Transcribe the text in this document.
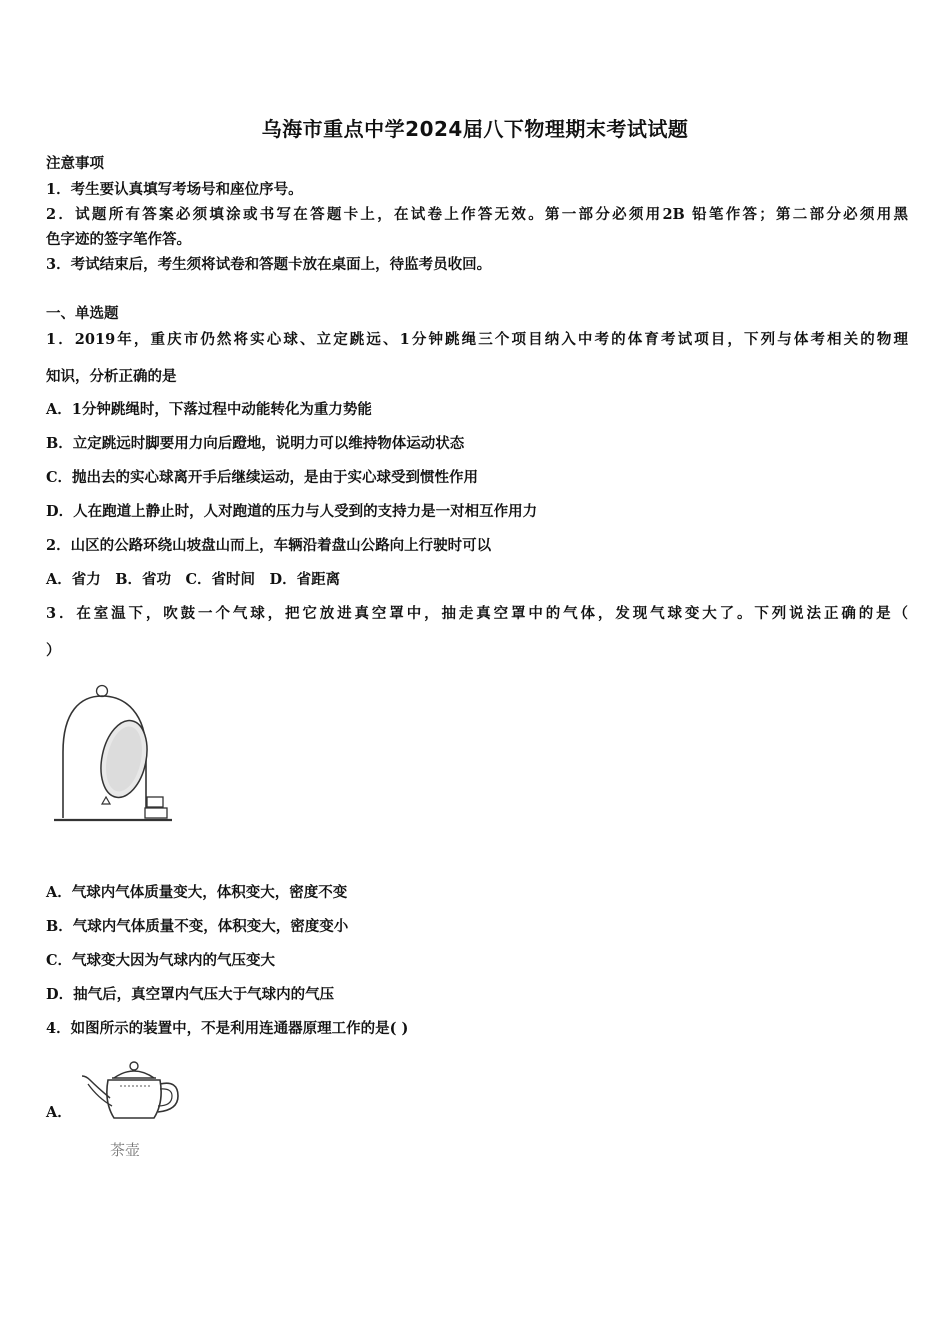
乌海市重点中学2024届八下物理期末考试试题
注意事项
1．考生要认真填写考场号和座位序号。
2．试题所有答案必须填涂或书写在答题卡上，在试卷上作答无效。第一部分必须用2B 铅笔作答；第二部分必须用黑
色字迹的签字笔作答。
3．考试结束后，考生须将试卷和答题卡放在桌面上，待监考员收回。
一、单选题
1．2019年，重庆市仍然将实心球、立定跳远、1分钟跳绳三个项目纳入中考的体育考试项目，下列与体考相关的物理
知识，分析正确的是
A．1分钟跳绳时，下落过程中动能转化为重力势能
B．立定跳远时脚要用力向后蹬地，说明力可以维持物体运动状态
C．抛出去的实心球离开手后继续运动，是由于实心球受到惯性作用
D．人在跑道上静止时，人对跑道的压力与人受到的支持力是一对相互作用力
2．山区的公路环绕山坡盘山而上，车辆沿着盘山公路向上行驶时可以
A．省力　B．省功　C．省时间　D．省距离
3．在室温下，吹鼓一个气球，把它放进真空罩中，抽走真空罩中的气体，发现气球变大了。下列说法正确的是（
）
A．气球内气体质量变大，体积变大，密度不变
B．气球内气体质量不变，体积变大，密度变小
C．气球变大因为气球内的气压变大
D．抽气后，真空罩内气压大于气球内的气压
4．如图所示的装置中，不是利用连通器原理工作的是( )
A．
茶壶
